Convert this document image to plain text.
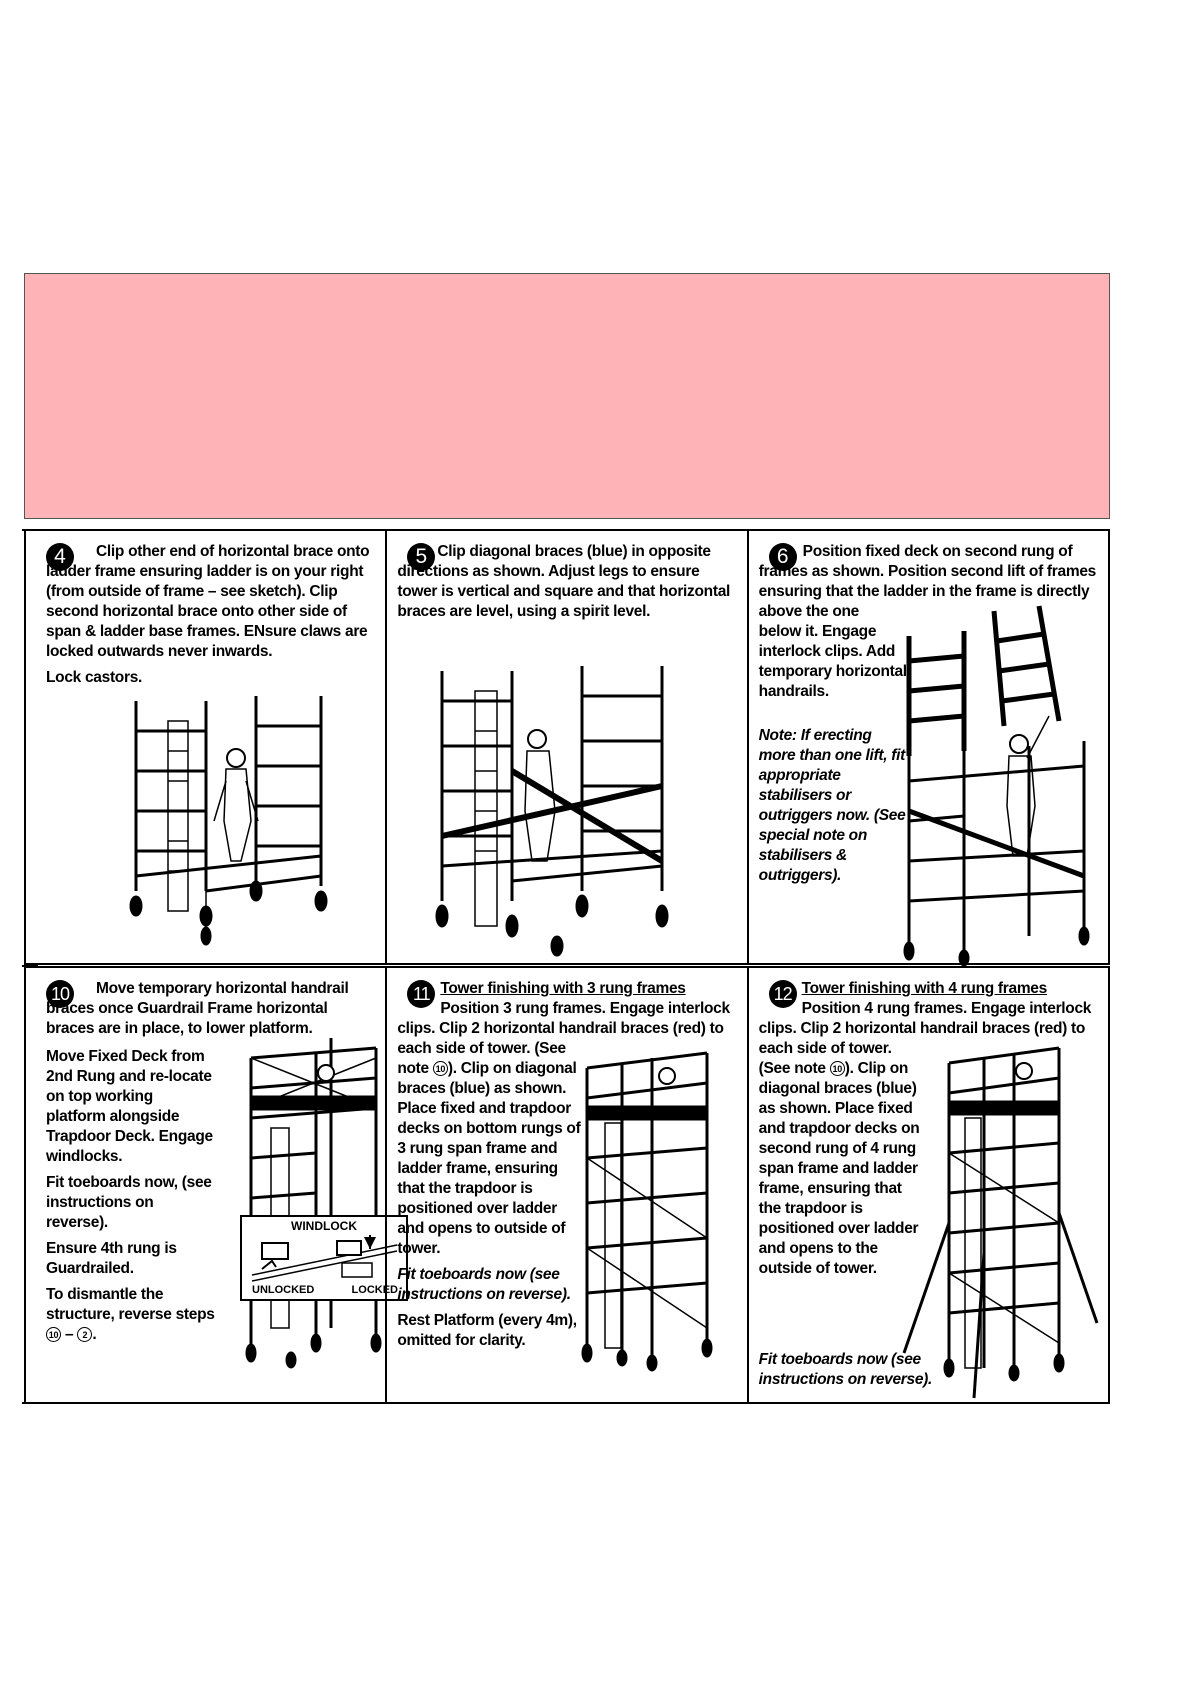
4	Clip other end of horizontal brace onto ladder frame ensuring ladder is on your right (from outside of frame – see sketch). Clip second horizontal brace onto other side of span & ladder base frames. ENsure claws are locked outwards never inwards.

Lock castors.

5 Clip diagonal braces (blue) in opposite directions as shown. Adjust legs to ensure tower is vertical and square and that horizontal braces are level, using a spirit level.

6 Position fixed deck on second rung of frames as shown. Position second lift of frames ensuring that the ladder in the frame is directly above the one

below it. Engage interlock clips. Add temporary horizontal handrails.

Note: If erecting more than one lift, fit appropriate stabilisers or outriggers now. (See special note on stabilisers & outriggers).

10	Move temporary horizontal handrail braces once Guardrail Frame horizontal braces are in place, to lower platform.

Move Fixed Deck from 2nd Rung and re-locate on top working platform alongside Trapdoor Deck. Engage windlocks.

Fit toeboards now, (see instructions on reverse).

Ensure 4th rung is Guardrailed.

To dismantle the structure, reverse steps 10 – 2 .

WINDLOCK
UNLOCKED	LOCKED
11 Tower finishing with 3 rung frames
Position 3 rung frames. Engage interlock clips. Clip 2 horizontal handrail braces (red) to

each side of tower. (See note 10 ). Clip on diagonal braces (blue) as shown. Place fixed and trapdoor decks on bottom rungs of 3 rung span frame and ladder frame, ensuring that the trapdoor is positioned over ladder and opens to outside of tower.

Fit toeboards now (see instructions on reverse).

Rest Platform (every 4m), omitted for clarity.

12 Tower finishing with 4 rung frames
Position 4 rung frames. Engage interlock clips. Clip 2 horizontal handrail braces (red) to

each side of tower. (See note 10 ). Clip on diagonal braces (blue) as shown. Place fixed and trapdoor decks on second rung of 4 rung span frame and ladder frame, ensuring that the trapdoor is positioned over ladder and opens to the outside of tower.

Fit toeboards now (see instructions on reverse).
